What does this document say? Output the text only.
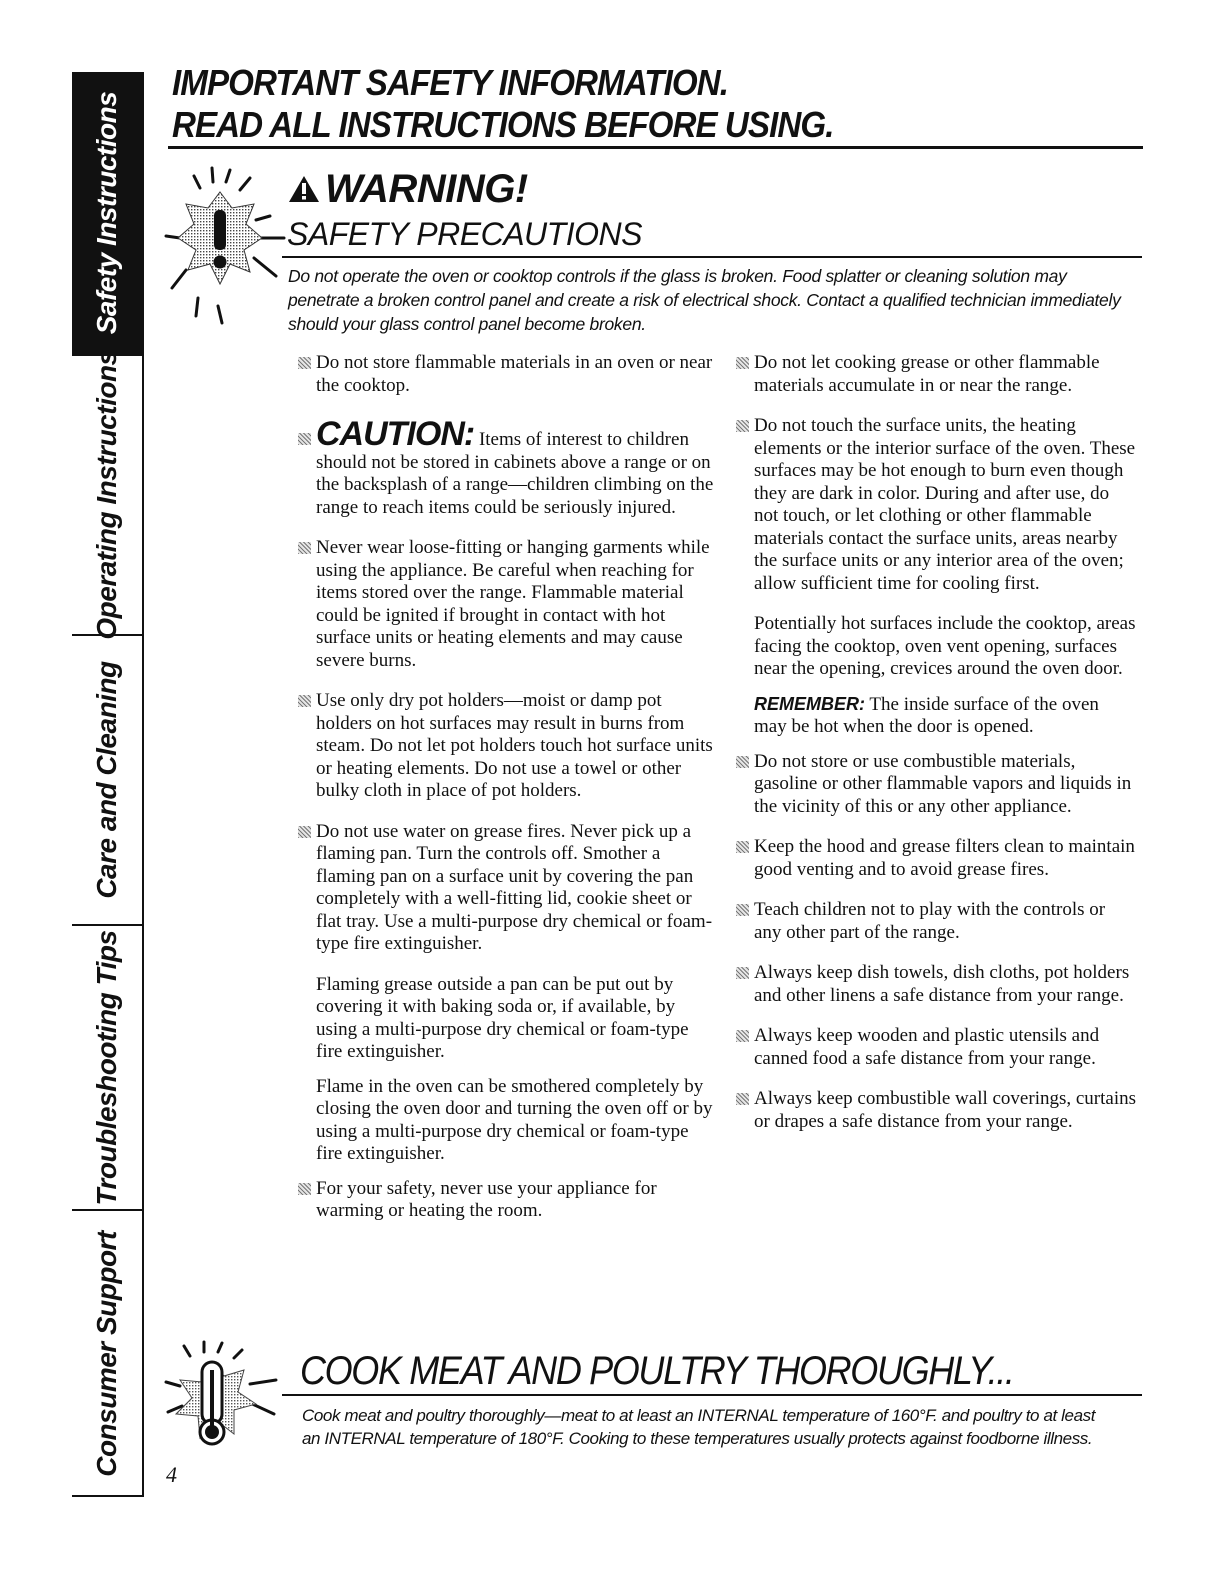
Safety Instructions
Operating Instructions
Care and Cleaning
Troubleshooting Tips
Consumer Support
IMPORTANT SAFETY INFORMATION.
READ ALL INSTRUCTIONS BEFORE USING.
WARNING!
SAFETY PRECAUTIONS
Do not operate the oven or cooktop controls if the glass is broken. Food splatter or cleaning solution may penetrate a broken control panel and create a risk of electrical shock. Contact a qualified technician immediately should your glass control panel become broken.
Do not store flammable materials in an oven or near the cooktop.
CAUTION: Items of interest to children should not be stored in cabinets above a range or on the backsplash of a range—children climbing on the range to reach items could be seriously injured.
Never wear loose-fitting or hanging garments while using the appliance. Be careful when reaching for items stored over the range. Flammable material could be ignited if brought in contact with hot surface units or heating elements and may cause severe burns.
Use only dry pot holders—moist or damp pot holders on hot surfaces may result in burns from steam. Do not let pot holders touch hot surface units or heating elements. Do not use a towel or other bulky cloth in place of pot holders.
Do not use water on grease fires. Never pick up a flaming pan. Turn the controls off. Smother a flaming pan on a surface unit by covering the pan completely with a well-fitting lid, cookie sheet or flat tray. Use a multi-purpose dry chemical or foam-type fire extinguisher.
Flaming grease outside a pan can be put out by covering it with baking soda or, if available, by using a multi-purpose dry chemical or foam-type fire extinguisher.
Flame in the oven can be smothered completely by closing the oven door and turning the oven off or by using a multi-purpose dry chemical or foam-type fire extinguisher.
For your safety, never use your appliance for warming or heating the room.
Do not let cooking grease or other flammable materials accumulate in or near the range.
Do not touch the surface units, the heating elements or the interior surface of the oven. These surfaces may be hot enough to burn even though they are dark in color. During and after use, do not touch, or let clothing or other flammable materials contact the surface units, areas nearby the surface units or any interior area of the oven; allow sufficient time for cooling first.
Potentially hot surfaces include the cooktop, areas facing the cooktop, oven vent opening, surfaces near the opening, crevices around the oven door.
REMEMBER: The inside surface of the oven may be hot when the door is opened.
Do not store or use combustible materials, gasoline or other flammable vapors and liquids in the vicinity of this or any other appliance.
Keep the hood and grease filters clean to maintain good venting and to avoid grease fires.
Teach children not to play with the controls or any other part of the range.
Always keep dish towels, dish cloths, pot holders and other linens a safe distance from your range.
Always keep wooden and plastic utensils and canned food a safe distance from your range.
Always keep combustible wall coverings, curtains or drapes a safe distance from your range.
COOK MEAT AND POULTRY THOROUGHLY...
Cook meat and poultry thoroughly—meat to at least an INTERNAL temperature of 160°F. and poultry to at least an INTERNAL temperature of 180°F. Cooking to these temperatures usually protects against foodborne illness.
4
